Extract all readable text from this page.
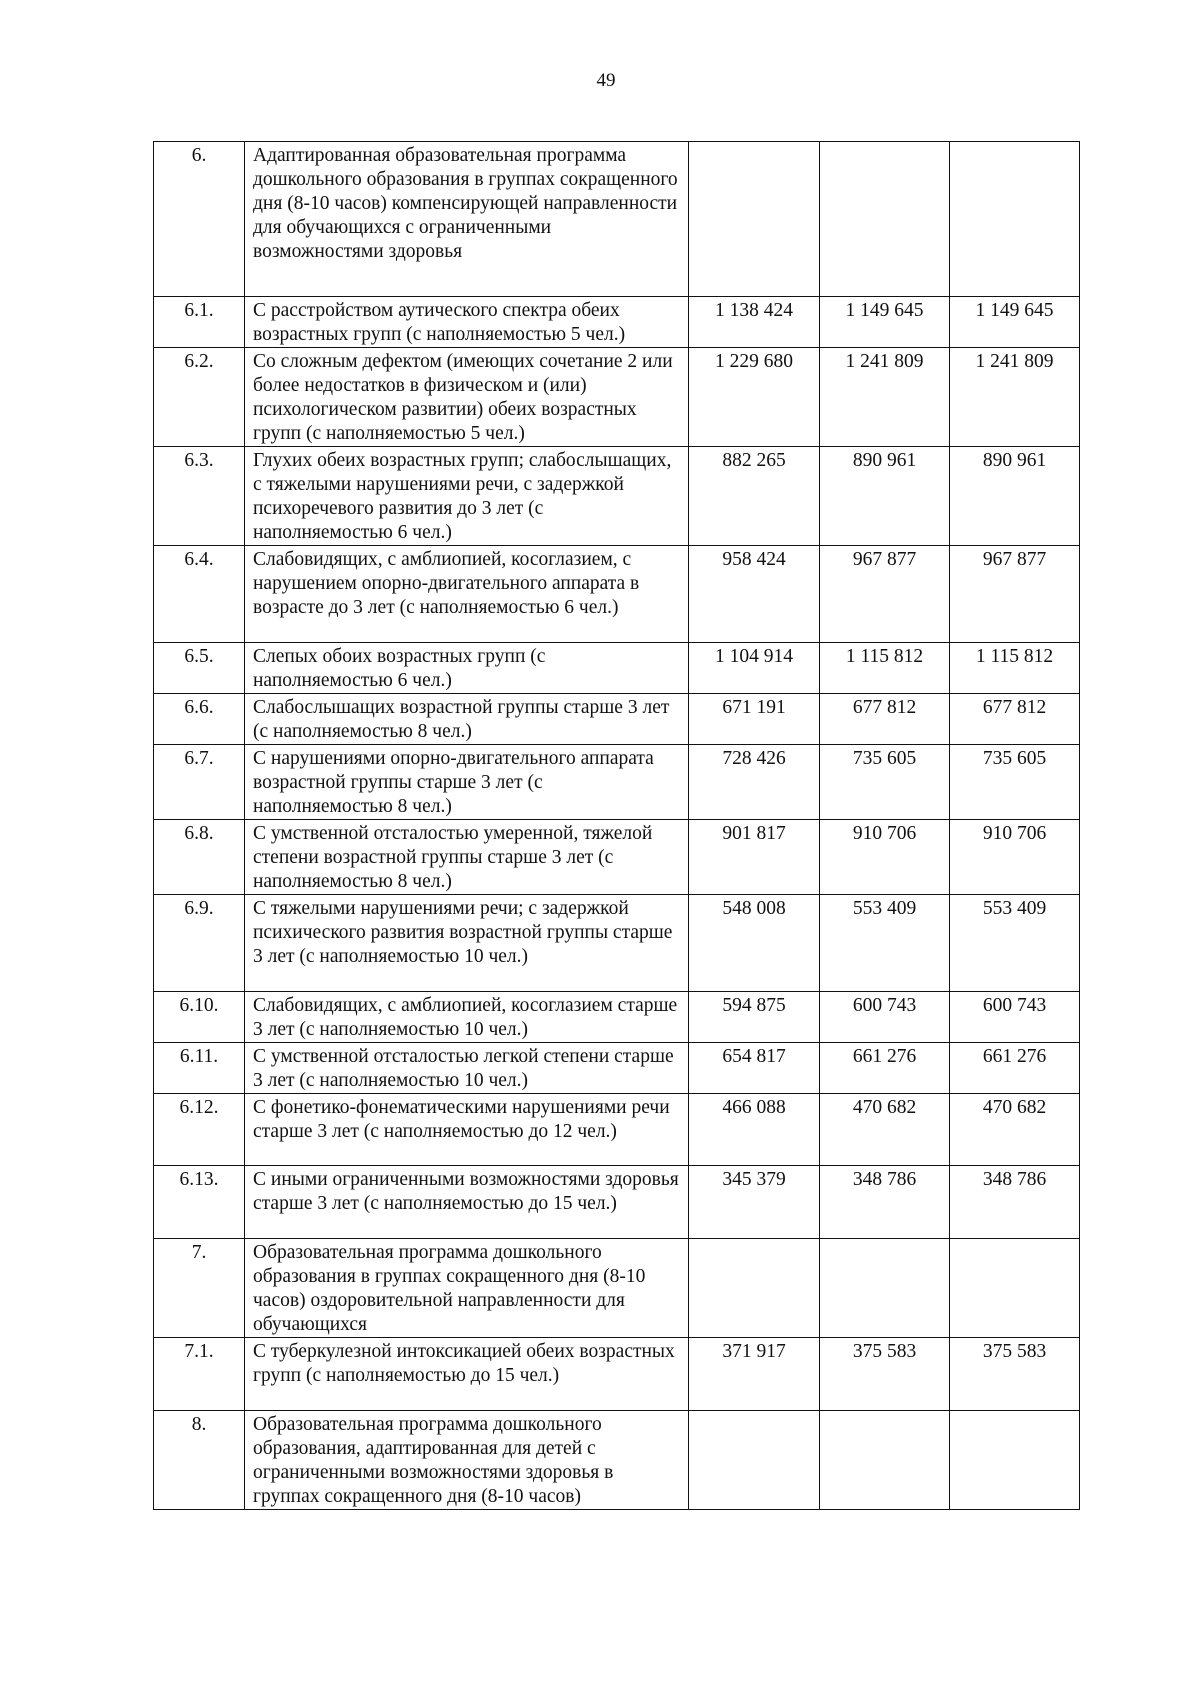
49
6.	Адаптированная образовательная программа дошкольного образования в группах сокращенного дня (8-10 часов) компенсирующей направленности для обучающихся с ограниченными возможностями здоровья			
6.1.	С расстройством аутического спектра обеих возрастных групп (с наполняемостью 5 чел.)	1 138 424	1 149 645	1 149 645
6.2.	Со сложным дефектом (имеющих сочетание 2 или более недостатков в физическом и (или) психологическом развитии) обеих возрастных групп (с наполняемостью 5 чел.)	1 229 680	1 241 809	1 241 809
6.3.	Глухих обеих возрастных групп; слабослышащих, с тяжелыми нарушениями речи, с задержкой психоречевого развития до 3 лет (с наполняемостью 6 чел.)	882 265	890 961	890 961
6.4.	Слабовидящих, с амблиопией, косоглазием, с нарушением опорно-двигательного аппарата в возрасте до 3 лет (с наполняемостью 6 чел.)	958 424	967 877	967 877
6.5.	Слепых обоих возрастных групп (с наполняемостью 6 чел.)	1 104 914	1 115 812	1 115 812
6.6.	Слабослышащих возрастной группы старше 3 лет (с наполняемостью 8 чел.)	671 191	677 812	677 812
6.7.	С нарушениями опорно-двигательного аппарата возрастной группы старше 3 лет (с наполняемостью 8 чел.)	728 426	735 605	735 605
6.8.	С умственной отсталостью умеренной, тяжелой степени возрастной группы старше 3 лет (с наполняемостью 8 чел.)	901 817	910 706	910 706
6.9.	С тяжелыми нарушениями речи; с задержкой психического развития возрастной группы старше 3 лет (с наполняемостью 10 чел.)	548 008	553 409	553 409
6.10.	Слабовидящих, с амблиопией, косоглазием старше 3 лет (с наполняемостью 10 чел.)	594 875	600 743	600 743
6.11.	С умственной отсталостью легкой степени старше 3 лет (с наполняемостью 10 чел.)	654 817	661 276	661 276
6.12.	С фонетико-фонематическими нарушениями речи старше 3 лет (с наполняемостью до 12 чел.)	466 088	470 682	470 682
6.13.	С иными ограниченными возможностями здоровья старше 3 лет (с наполняемостью до 15 чел.)	345 379	348 786	348 786
7.	Образовательная программа дошкольного образования в группах сокращенного дня (8-10 часов) оздоровительной направленности для обучающихся			
7.1.	С туберкулезной интоксикацией обеих возрастных групп (с наполняемостью до 15 чел.)	371 917	375 583	375 583
8.	Образовательная программа дошкольного образования, адаптированная для детей с ограниченными возможностями здоровья в группах сокращенного дня (8-10 часов)			
